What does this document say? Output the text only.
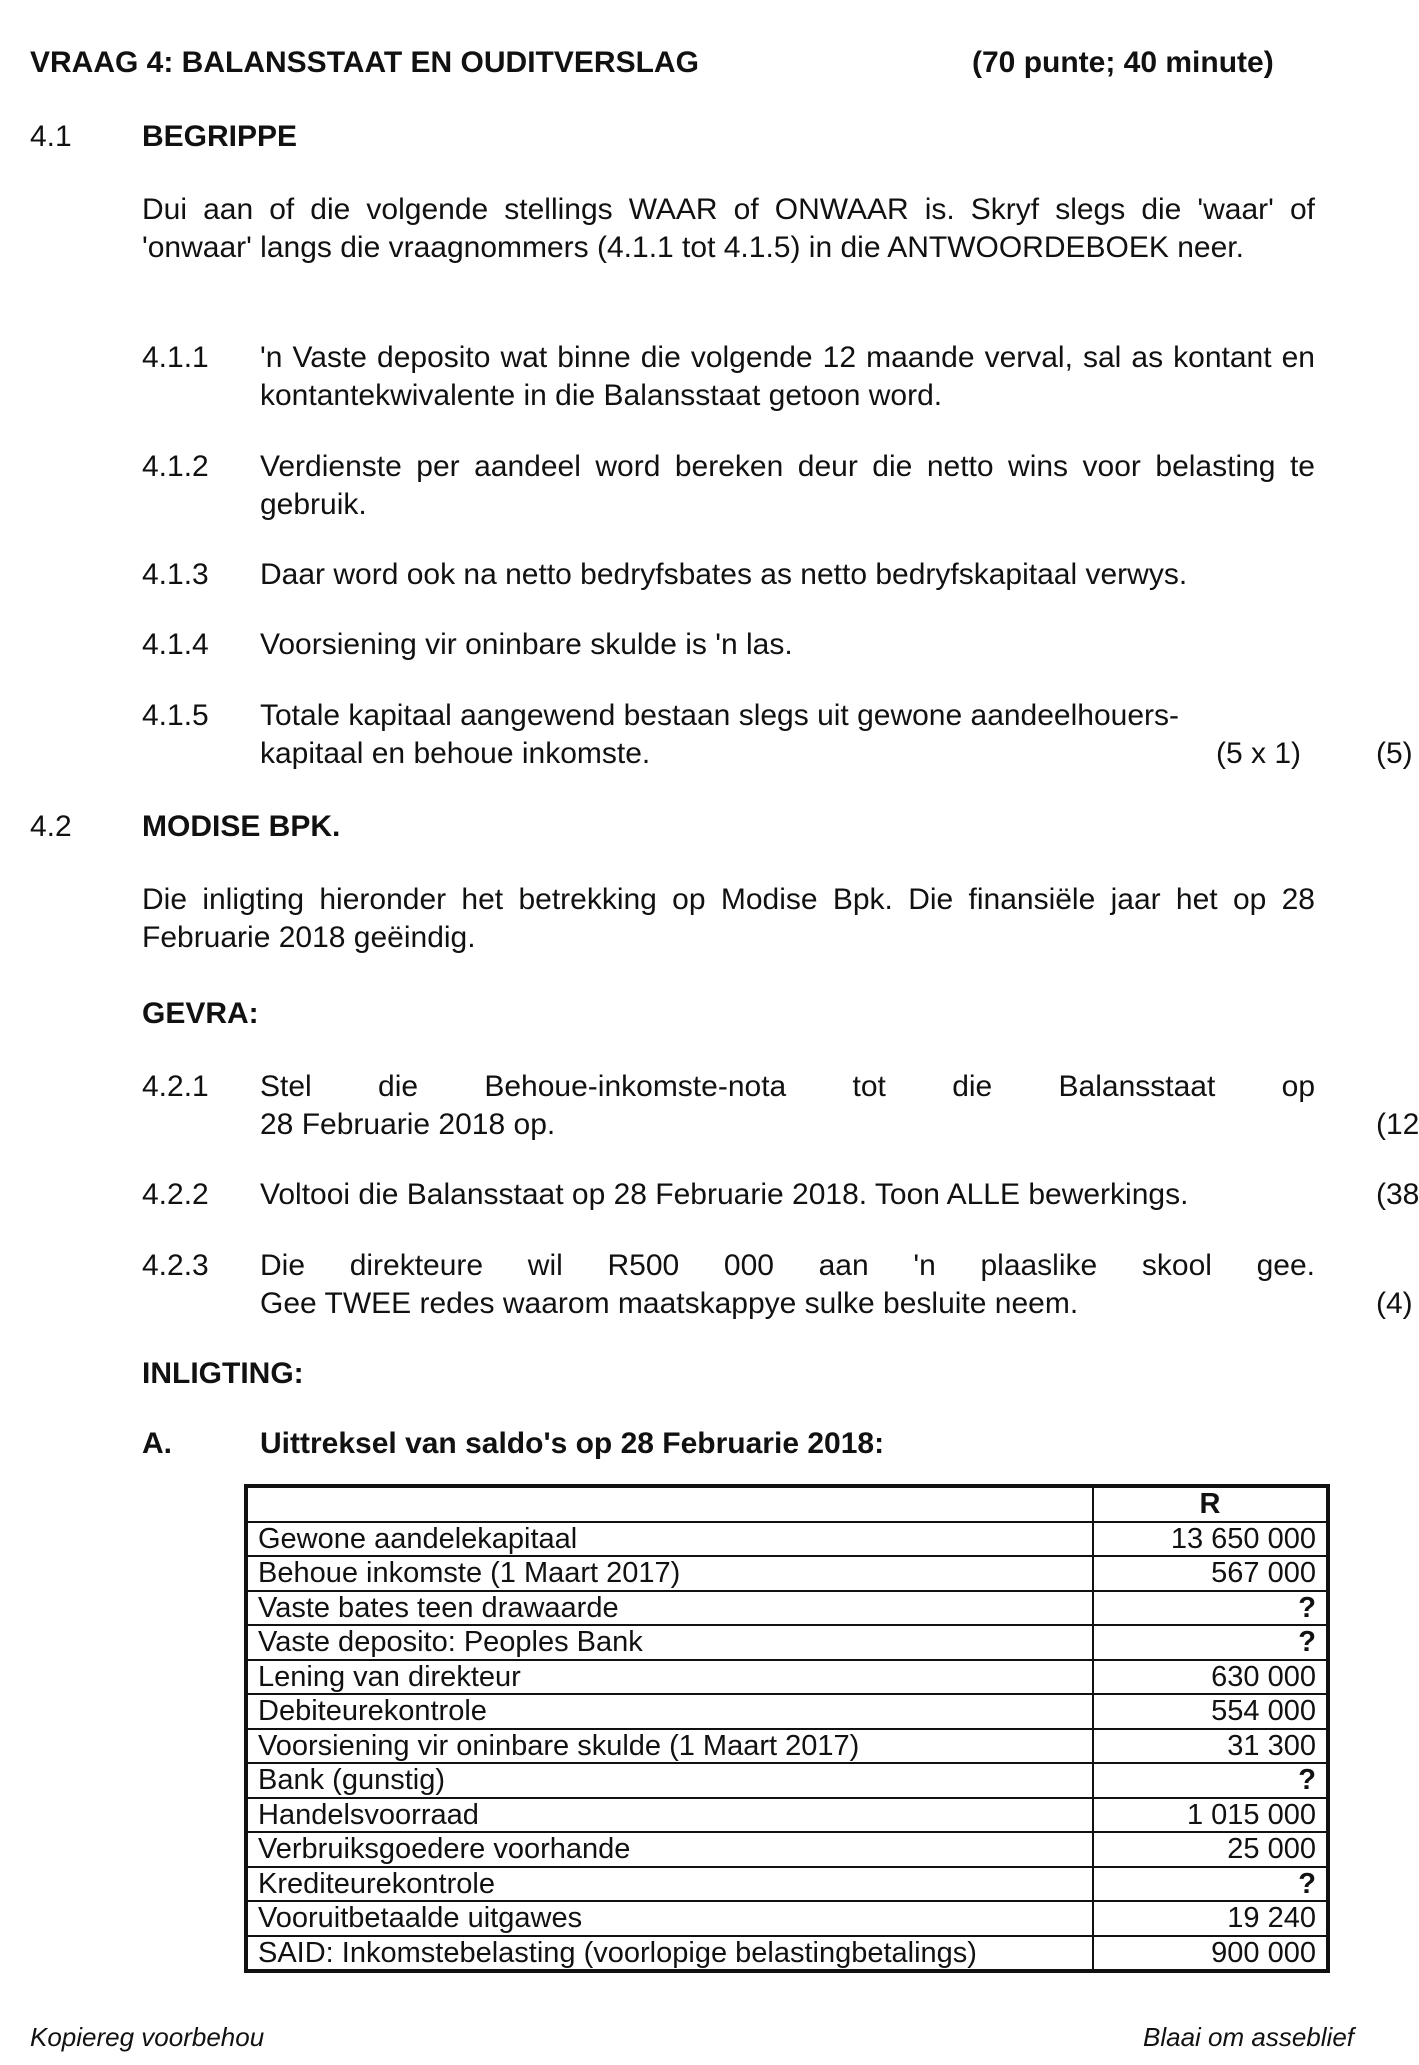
VRAAG 4: BALANSSTAAT EN OUDITVERSLAG	(70 punte; 40 minute)
4.1 BEGRIPPE
Dui aan of die volgende stellings WAAR of ONWAAR is. Skryf slegs die 'waar' of 'onwaar' langs die vraagnommers (4.1.1 tot 4.1.5) in die ANTWOORDEBOEK neer.
4.1.1 'n Vaste deposito wat binne die volgende 12 maande verval, sal as kontant en kontantekwivalente in die Balansstaat getoon word.
4.1.2 Verdienste per aandeel word bereken deur die netto wins voor belasting te gebruik.
4.1.3 Daar word ook na netto bedryfsbates as netto bedryfskapitaal verwys.
4.1.4 Voorsiening vir oninbare skulde is 'n las.
4.1.5 Totale kapitaal aangewend bestaan slegs uit gewone aandeelhouers-
kapitaal en behoue inkomste.	(5 x 1) (5)
4.2 MODISE BPK.
Die inligting hieronder het betrekking op Modise Bpk. Die finansiële jaar het op 28 Februarie 2018 geëindig.
GEVRA:
4.2.1 Stel die Behoue-inkomste-nota tot die Balansstaat op
28 Februarie 2018 op.	(12
4.2.2 Voltooi die Balansstaat op 28 Februarie 2018. Toon ALLE bewerkings.	(38
4.2.3 Die direkteure wil R500 000 aan 'n plaaslike skool gee.
Gee TWEE redes waarom maatskappye sulke besluite neem.	(4)
INLIGTING:
A.	Uittreksel van saldo's op 28 Februarie 2018:
	R
Gewone aandelekapitaal	13 650 000
Behoue inkomste (1 Maart 2017)	567 000
Vaste bates teen drawaarde	?
Vaste deposito: Peoples Bank	?
Lening van direkteur	630 000
Debiteurekontrole	554 000
Voorsiening vir oninbare skulde (1 Maart 2017)	31 300
Bank (gunstig)	?
Handelsvoorraad	1 015 000
Verbruiksgoedere voorhande	25 000
Krediteurekontrole	?
Vooruitbetaalde uitgawes	19 240
SAID: Inkomstebelasting (voorlopige belastingbetalings)	900 000
Kopiereg voorbehou	Blaai om asseblief
